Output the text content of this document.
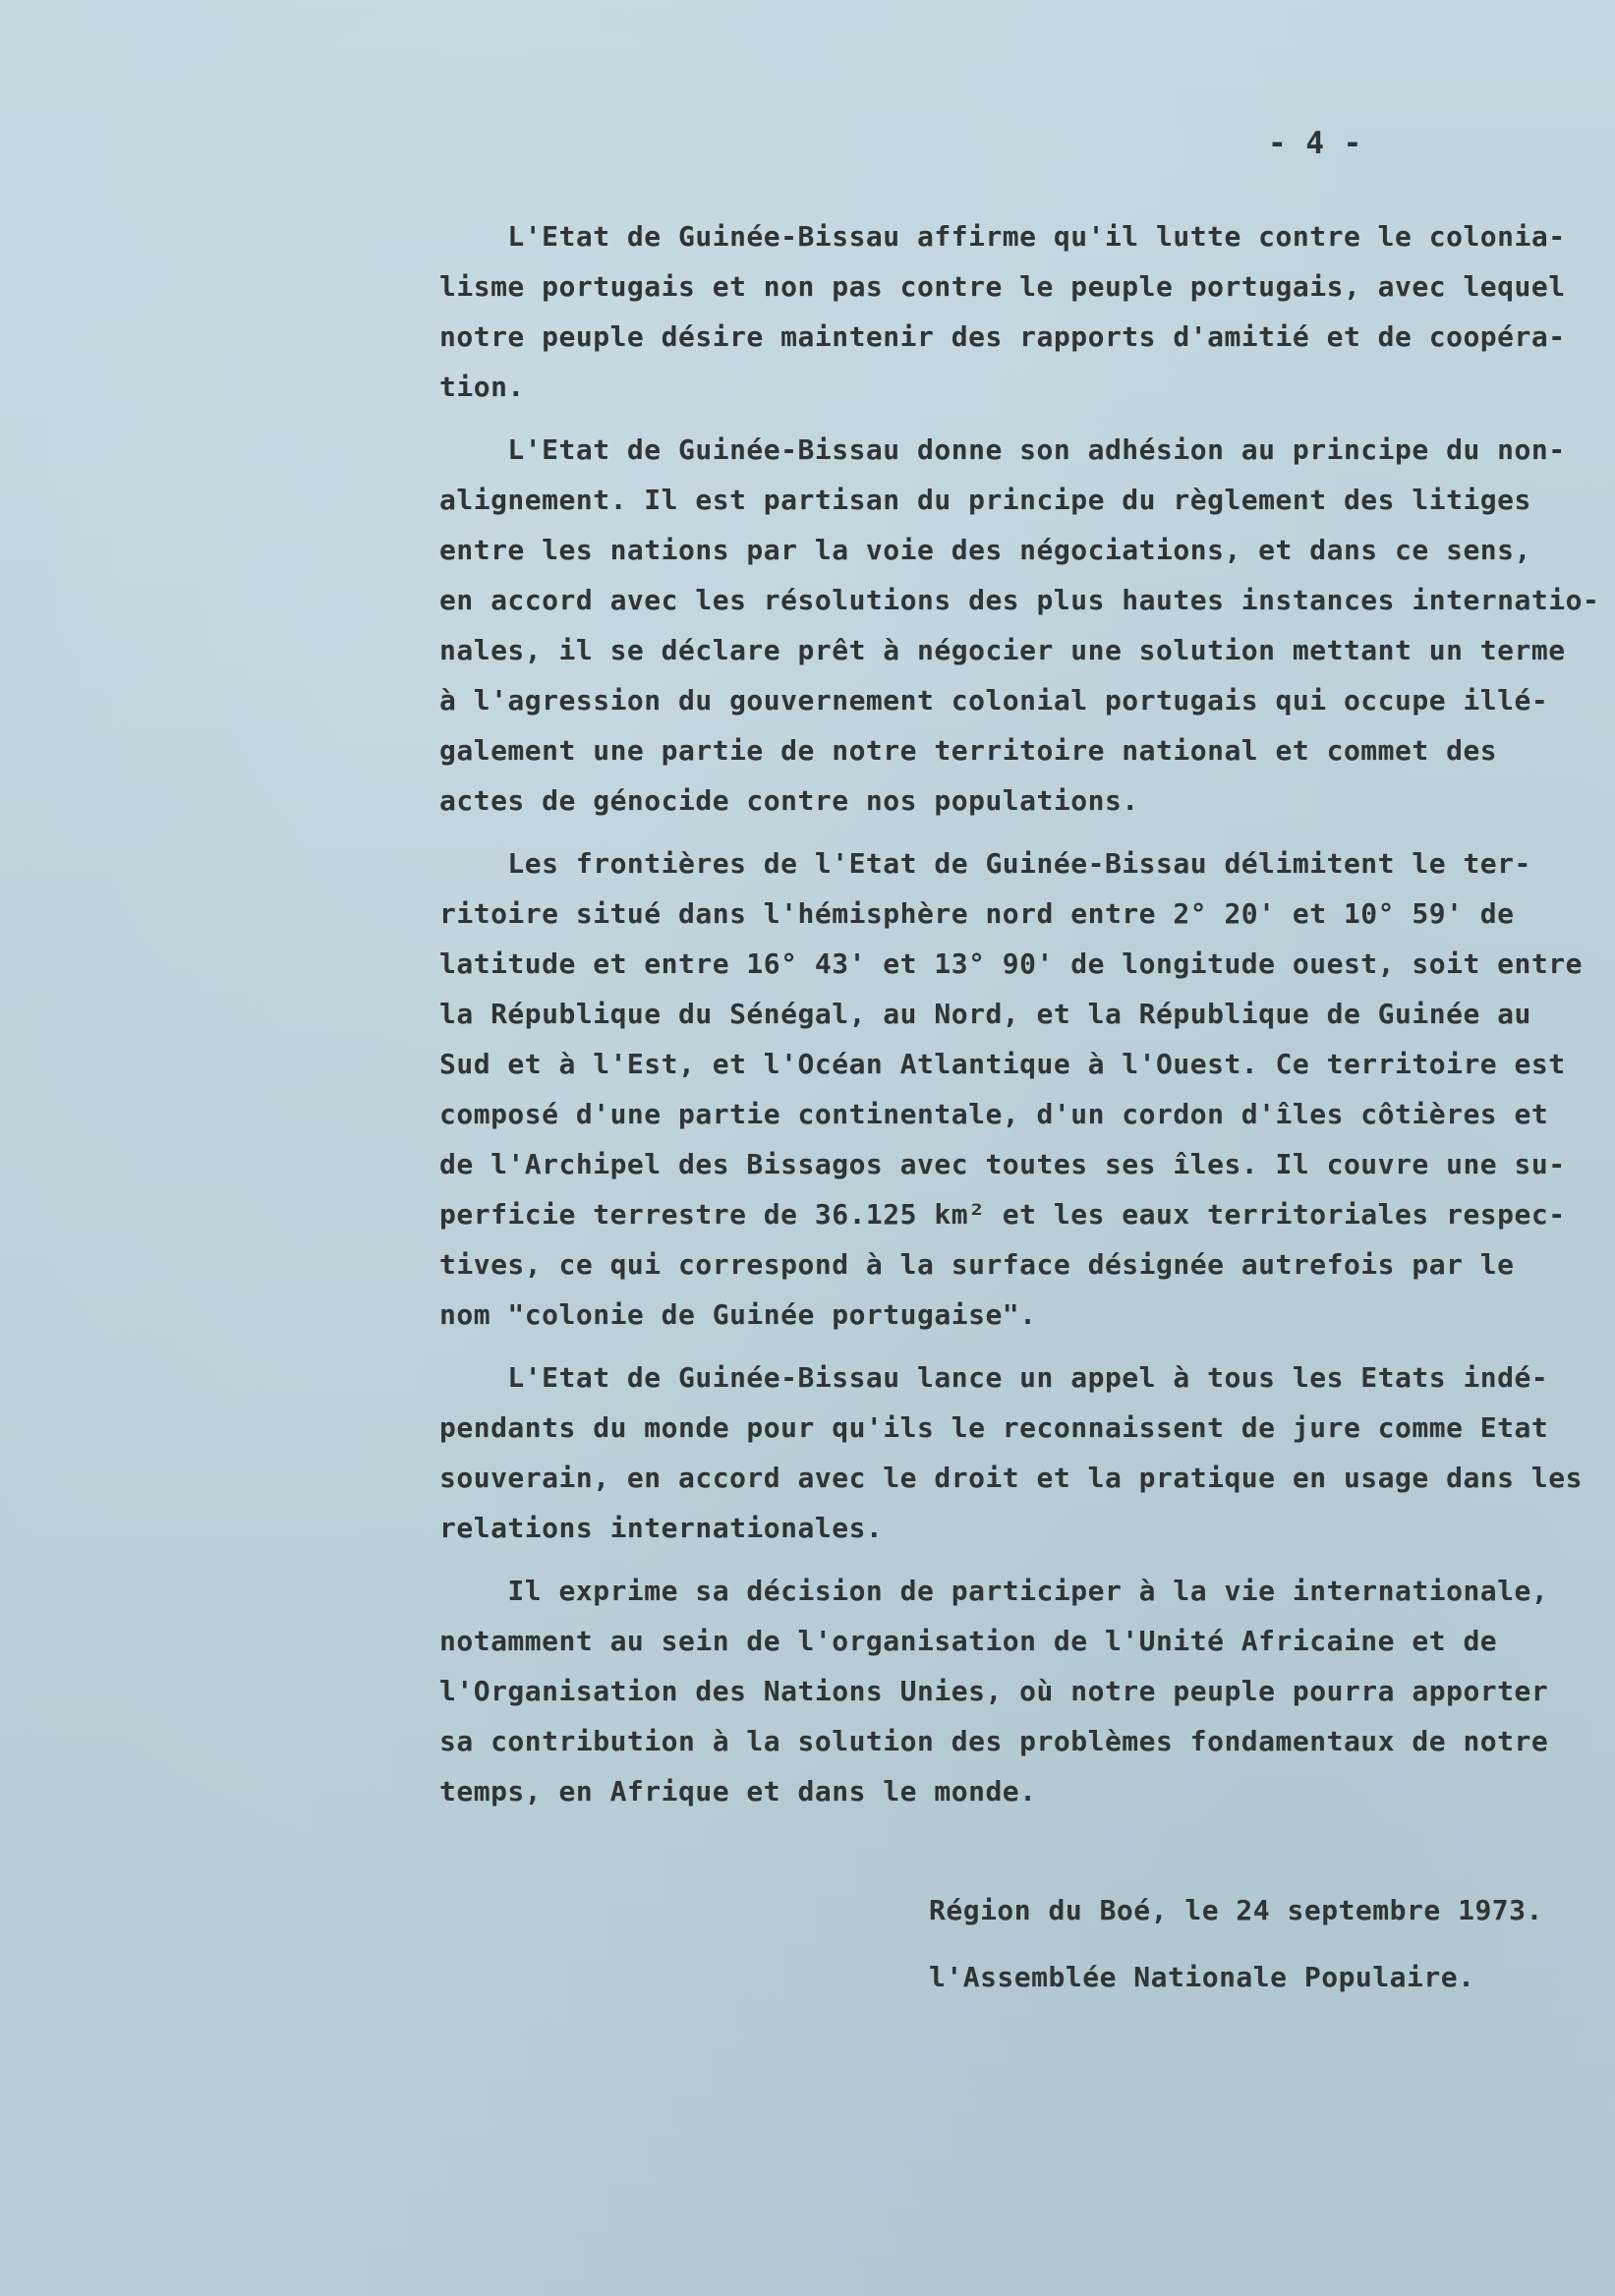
- 4 -
L'Etat de Guinée-Bissau affirme qu'il lutte contre le colonia-
lisme portugais et non pas contre le peuple portugais, avec lequel
notre peuple désire maintenir des rapports d'amitié et de coopéra-
tion.
L'Etat de Guinée-Bissau donne son adhésion au principe du non-
alignement. Il est partisan du principe du règlement des litiges
entre les nations par la voie des négociations, et dans ce sens,
en accord avec les résolutions des plus hautes instances internatio-
nales, il se déclare prêt à négocier une solution mettant un terme
à l'agression du gouvernement colonial portugais qui occupe illé-
galement une partie de notre territoire national et commet des
actes de génocide contre nos populations.
Les frontières de l'Etat de Guinée-Bissau délimitent le ter-
ritoire situé dans l'hémisphère nord entre 2° 20' et 10° 59' de
latitude et entre 16° 43' et 13° 90' de longitude ouest, soit entre
la République du Sénégal, au Nord, et la République de Guinée au
Sud et à l'Est, et l'Océan Atlantique à l'Ouest. Ce territoire est
composé d'une partie continentale, d'un cordon d'îles côtières et
de l'Archipel des Bissagos avec toutes ses îles. Il couvre une su-
perficie terrestre de 36.125 km² et les eaux territoriales respec-
tives, ce qui correspond à la surface désignée autrefois par le
nom "colonie de Guinée portugaise".
L'Etat de Guinée-Bissau lance un appel à tous les Etats indé-
pendants du monde pour qu'ils le reconnaissent de jure comme Etat
souverain, en accord avec le droit et la pratique en usage dans les
relations internationales.
Il exprime sa décision de participer à la vie internationale,
notamment au sein de l'organisation de l'Unité Africaine et de
l'Organisation des Nations Unies, où notre peuple pourra apporter
sa contribution à la solution des problèmes fondamentaux de notre
temps, en Afrique et dans le monde.
Région du Boé, le 24 septembre 1973.
l'Assemblée Nationale Populaire.
